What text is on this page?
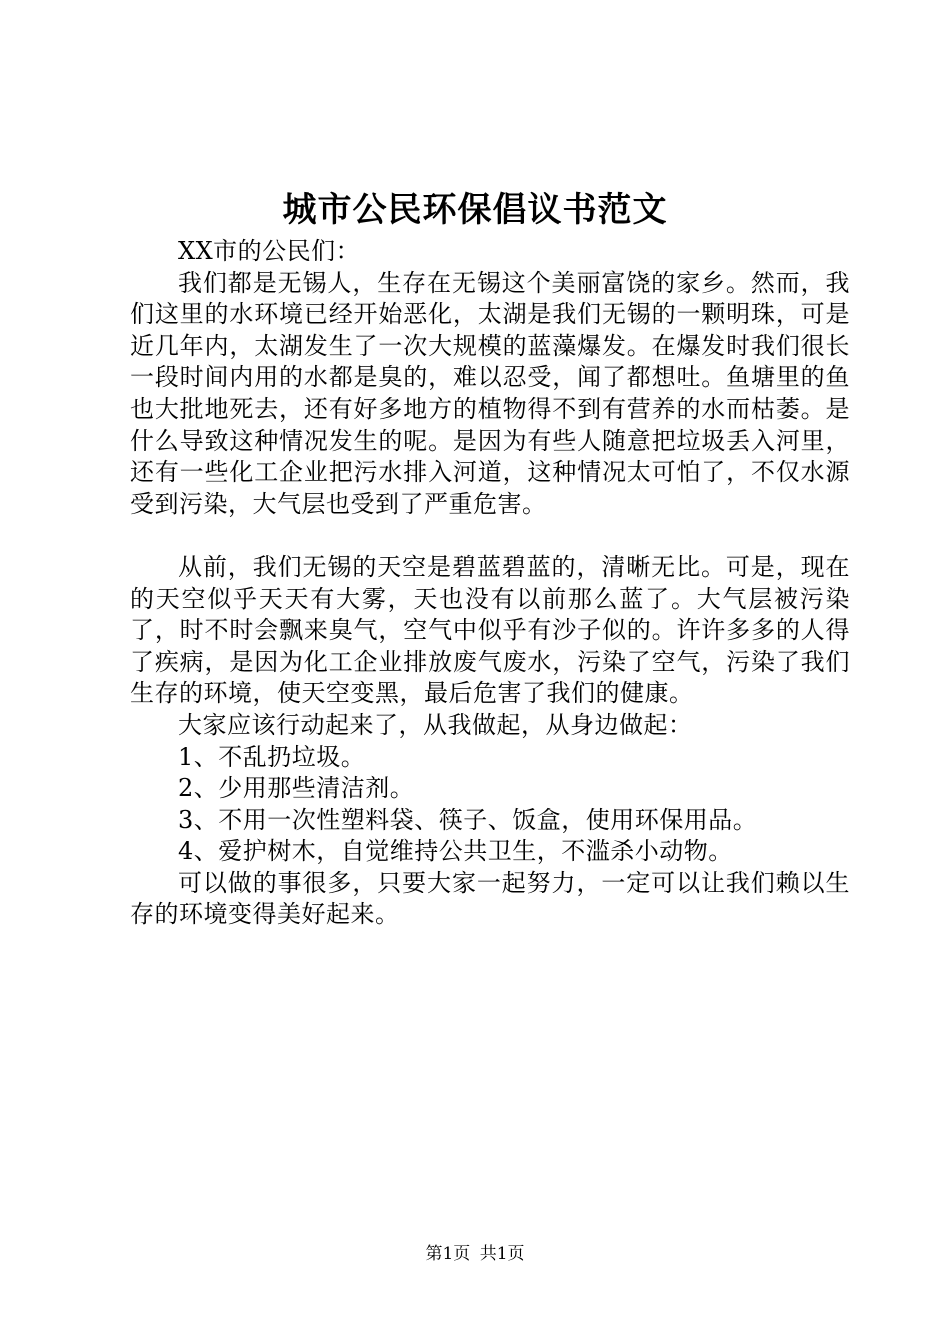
城市公民环保倡议书范文

XX市的公民们：

我们都是无锡人，生存在无锡这个美丽富饶的家乡。然而，我们这里的水环境已经开始恶化，太湖是我们无锡的一颗明珠，可是近几年内，太湖发生了一次大规模的蓝藻爆发。在爆发时我们很长一段时间内用的水都是臭的，难以忍受，闻了都想吐。鱼塘里的鱼也大批地死去，还有好多地方的植物得不到有营养的水而枯萎。是什么导致这种情况发生的呢。是因为有些人随意把垃圾丢入河里，还有一些化工企业把污水排入河道，这种情况太可怕了，不仅水源受到污染，大气层也受到了严重危害。

从前，我们无锡的天空是碧蓝碧蓝的，清晰无比。可是，现在的天空似乎天天有大雾，天也没有以前那么蓝了。大气层被污染了，时不时会飘来臭气，空气中似乎有沙子似的。许许多多的人得了疾病，是因为化工企业排放废气废水，污染了空气，污染了我们生存的环境，使天空变黑，最后危害了我们的健康。

大家应该行动起来了，从我做起，从身边做起：

1、不乱扔垃圾。

2、少用那些清洁剂。

3、不用一次性塑料袋、筷子、饭盒，使用环保用品。

4、爱护树木，自觉维持公共卫生，不滥杀小动物。

可以做的事很多，只要大家一起努力，一定可以让我们赖以生存的环境变得美好起来。

第1页 共1页
